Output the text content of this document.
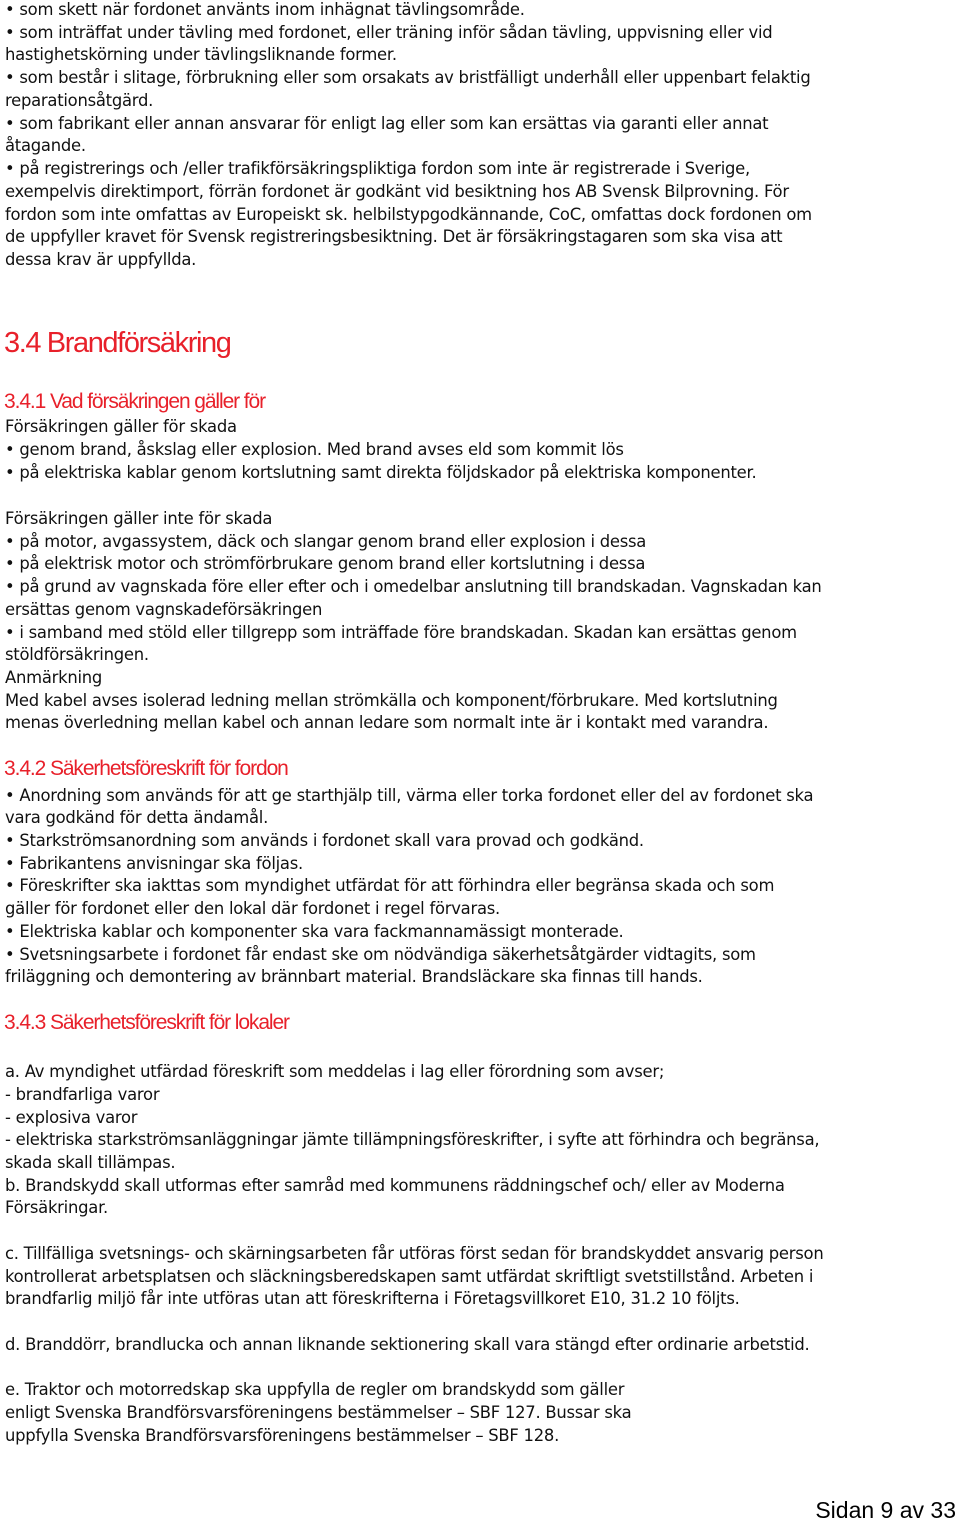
• som skett när fordonet använts inom inhägnat tävlingsområde.
• som inträffat under tävling med fordonet, eller träning inför sådan tävling, uppvisning eller vid
hastighetskörning under tävlingsliknande former.
• som består i slitage, förbrukning eller som orsakats av bristfälligt underhåll eller uppenbart felaktig
reparationsåtgärd.
• som fabrikant eller annan ansvarar för enligt lag eller som kan ersättas via garanti eller annat
åtagande.
• på registrerings och /eller trafikförsäkringspliktiga fordon som inte är registrerade i Sverige,
exempelvis direktimport, förrän fordonet är godkänt vid besiktning hos AB Svensk Bilprovning. För
fordon som inte omfattas av Europeiskt sk. helbilstypgodkännande, CoC, omfattas dock fordonen om
de uppfyller kravet för Svensk registreringsbesiktning. Det är försäkringstagaren som ska visa att
dessa krav är uppfyllda.
3.4 Brandförsäkring
3.4.1 Vad försäkringen gäller för
Försäkringen gäller för skada
• genom brand, åskslag eller explosion. Med brand avses eld som kommit lös
• på elektriska kablar genom kortslutning samt direkta följdskador på elektriska komponenter.
Försäkringen gäller inte för skada
• på motor, avgassystem, däck och slangar genom brand eller explosion i dessa
• på elektrisk motor och strömförbrukare genom brand eller kortslutning i dessa
• på grund av vagnskada före eller efter och i omedelbar anslutning till brandskadan. Vagnskadan kan
ersättas genom vagnskadeförsäkringen
• i samband med stöld eller tillgrepp som inträffade före brandskadan. Skadan kan ersättas genom
stöldförsäkringen.
Anmärkning
Med kabel avses isolerad ledning mellan strömkälla och komponent/förbrukare. Med kortslutning
menas överledning mellan kabel och annan ledare som normalt inte är i kontakt med varandra.
3.4.2 Säkerhetsföreskrift för fordon
• Anordning som används för att ge starthjälp till, värma eller torka fordonet eller del av fordonet ska
vara godkänd för detta ändamål.
• Starkströmsanordning som används i fordonet skall vara provad och godkänd.
• Fabrikantens anvisningar ska följas.
• Föreskrifter ska iakttas som myndighet utfärdat för att förhindra eller begränsa skada och som
gäller för fordonet eller den lokal där fordonet i regel förvaras.
• Elektriska kablar och komponenter ska vara fackmannamässigt monterade.
• Svetsningsarbete i fordonet får endast ske om nödvändiga säkerhetsåtgärder vidtagits, som
friläggning och demontering av brännbart material. Brandsläckare ska finnas till hands.
3.4.3 Säkerhetsföreskrift för lokaler
a. Av myndighet utfärdad föreskrift som meddelas i lag eller förordning som avser;
- brandfarliga varor
- explosiva varor
- elektriska starkströmsanläggningar jämte tillämpningsföreskrifter, i syfte att förhindra och begränsa,
skada skall tillämpas.
b. Brandskydd skall utformas efter samråd med kommunens räddningschef och/ eller av Moderna
Försäkringar.
c. Tillfälliga svetsnings- och skärningsarbeten får utföras först sedan för brandskyddet ansvarig person
kontrollerat arbetsplatsen och släckningsberedskapen samt utfärdat skriftligt svetstillstånd. Arbeten i
brandfarlig miljö får inte utföras utan att föreskrifterna i Företagsvillkoret E10, 31.2 10 följts.
d. Branddörr, brandlucka och annan liknande sektionering skall vara stängd efter ordinarie arbetstid.
e. Traktor och motorredskap ska uppfylla de regler om brandskydd som gäller
enligt Svenska Brandförsvarsföreningens bestämmelser – SBF 127. Bussar ska
uppfylla Svenska Brandförsvarsföreningens bestämmelser – SBF 128.
Sidan 9 av 33
